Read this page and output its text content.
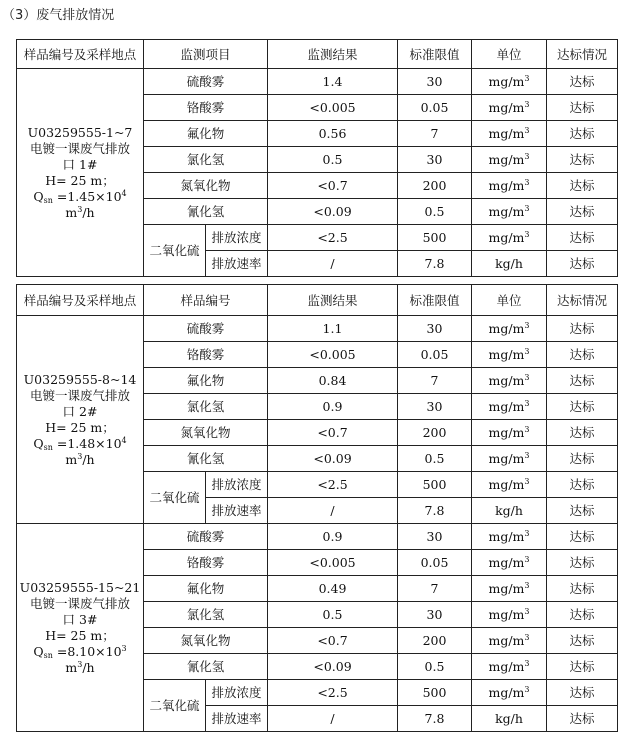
（3）废气排放情况
样品编号及采样地点	监测项目		监测结果	标准限值	单位	达标情况

U03259555-1~7
电镀一课废气排放
口 1#
H= 25 m；
$Q_{sn} =1.45\times 10^4$ $m^3/h$	硫酸雾		1.4	30	$mg/m^3$	达标
	铬酸雾		<0.005	0.05	$mg/m^3$	达标
	氟化物		0.56	7	$mg/m^3$	达标
	氯化氢		0.5	30	$mg/m^3$	达标
	氮氧化物		<0.7	200	$mg/m^3$	达标
	氰化氢		<0.09	0.5	$mg/m^3$	达标
	二氧化硫	排放浓度	<2.5	500	$mg/m^3$	达标
		排放速率	/	7.8	kg/h	达标
样品编号及采样地点	样品编号		监测结果	标准限值	单位	达标情况

U03259555-8~14
电镀一课废气排放
口 2#
H= 25 m；
$Q_{sn} =1.48\times 10^4$ $m^3/h$	硫酸雾		1.1	30	$mg/m^3$	达标
	铬酸雾		<0.005	0.05	$mg/m^3$	达标
	氟化物		0.84	7	$mg/m^3$	达标
	氯化氢		0.9	30	$mg/m^3$	达标
	氮氧化物		<0.7	200	$mg/m^3$	达标
	氰化氢		<0.09	0.5	$mg/m^3$	达标
	二氧化硫	排放浓度	<2.5	500	$mg/m^3$	达标
		排放速率	/	7.8	kg/h	达标

U03259555-15~21
电镀一课废气排放
口 3#
H= 25 m；
$Q_{sn} =8.10\times 10^3$ $m^3/h$	硫酸雾		0.9	30	$mg/m^3$	达标
	铬酸雾		<0.005	0.05	$mg/m^3$	达标
	氟化物		0.49	7	$mg/m^3$	达标
	氯化氢		0.5	30	$mg/m^3$	达标
	氮氧化物		<0.7	200	$mg/m^3$	达标
	氰化氢		<0.09	0.5	$mg/m^3$	达标
	二氧化硫	排放浓度	<2.5	500	$mg/m^3$	达标
		排放速率	/	7.8	kg/h	达标
